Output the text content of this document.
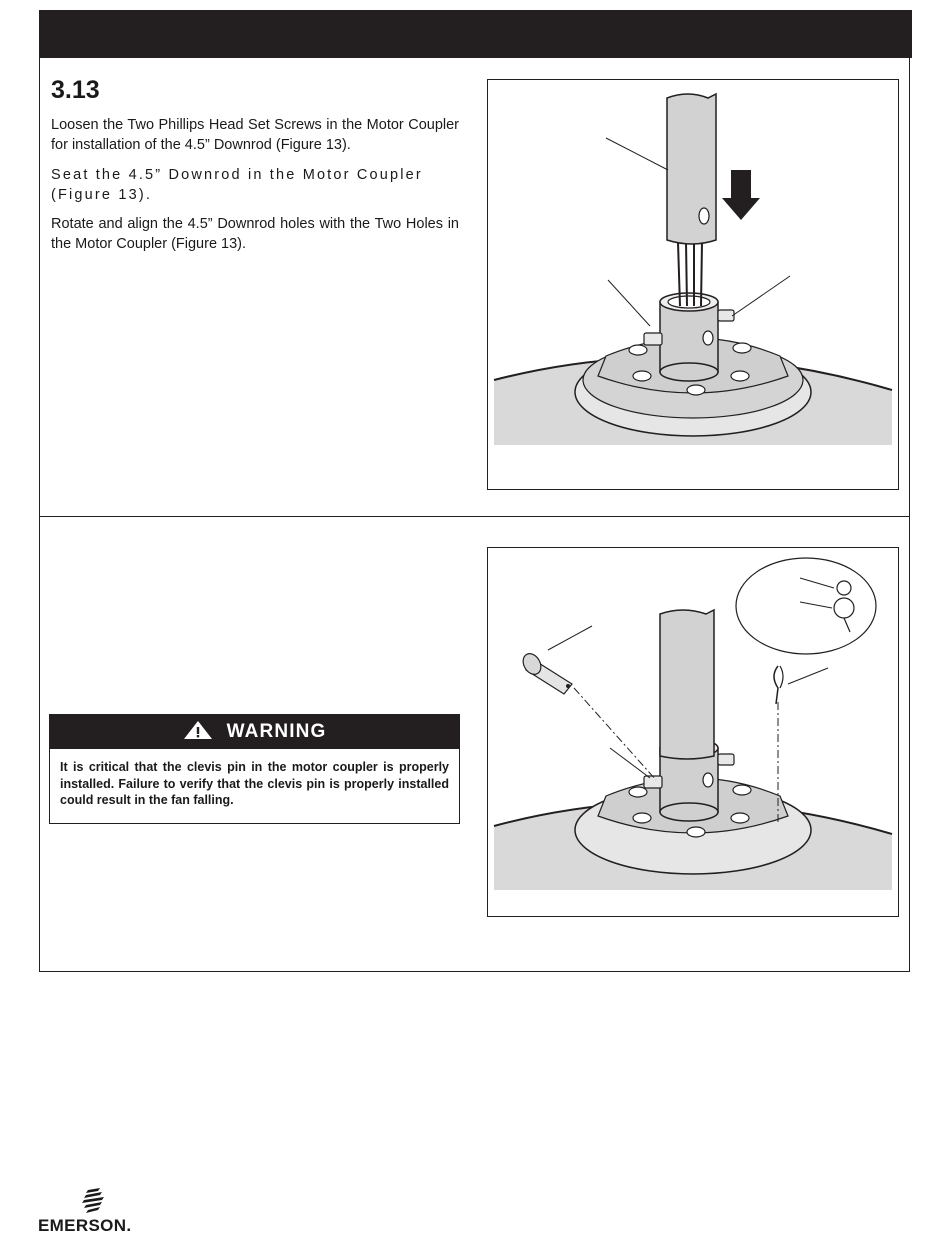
3.13

Loosen the Two Phillips Head Set Screws in the Motor Coupler for installation of the 4.5” Downrod (Figure 13).

Seat the 4.5” Downrod in the Motor Coupler (Figure 13).

Rotate and align the 4.5” Downrod holes with the Two Holes in the Motor Coupler (Figure 13).

WARNING
It is critical that the clevis pin in the motor coupler is properly installed. Failure to verify that the clevis pin is properly installed could result in the fan falling.
EMERSON.
